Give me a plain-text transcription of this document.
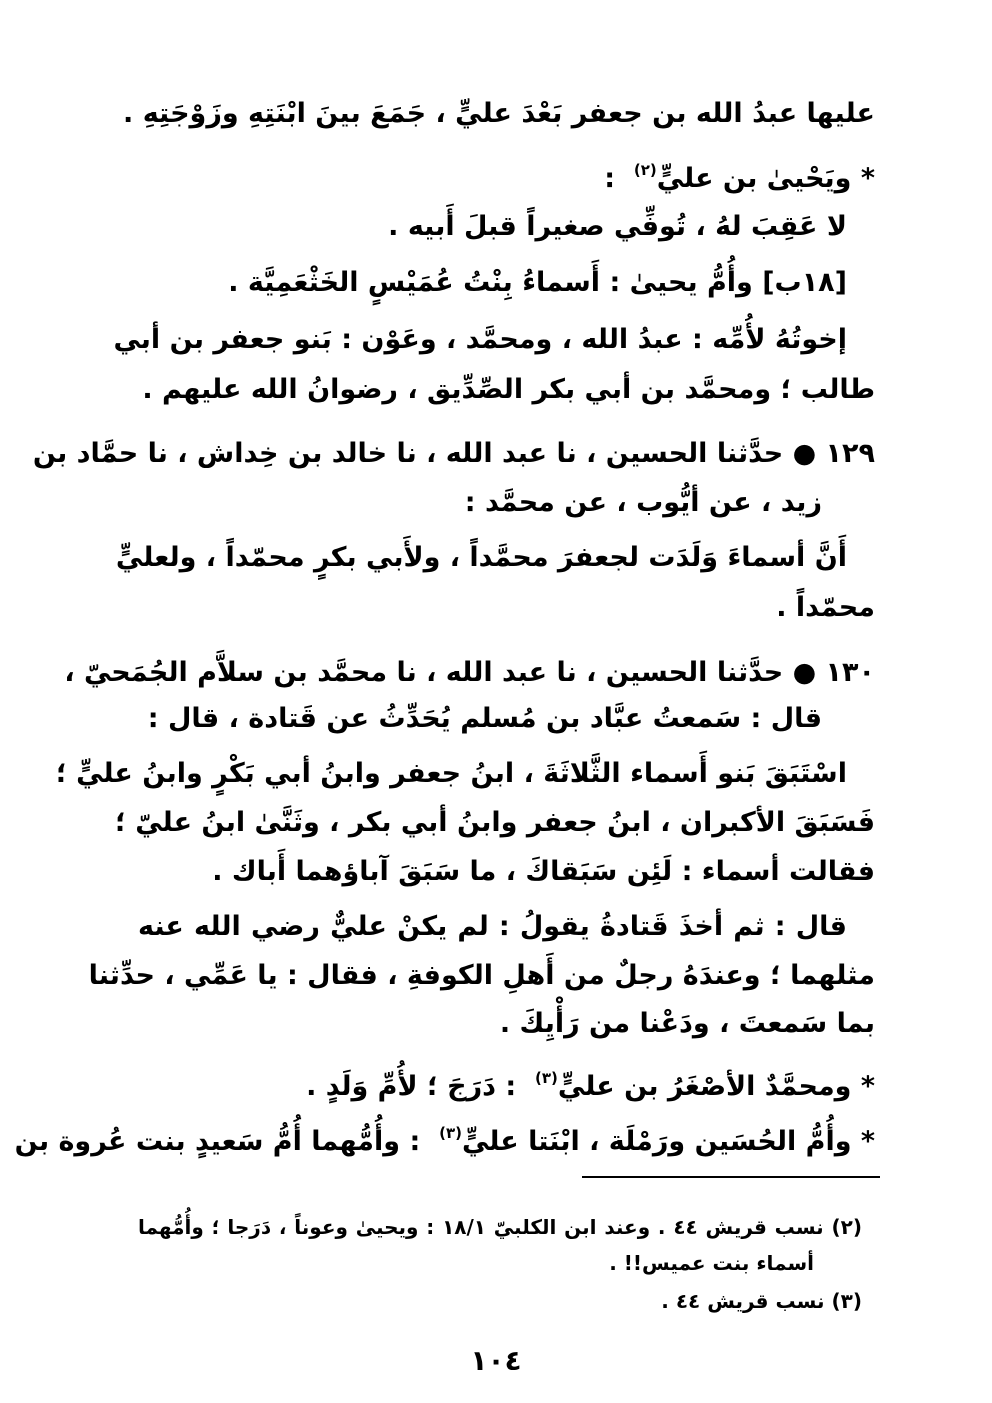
عليها عبدُ الله بن جعفر بَعْدَ عليٍّ ، جَمَعَ بينَ ابْنَتِهِ وزَوْجَتِهِ .
* ويَحْيىٰ بن عليٍّ$^{(٢)}$  :
لا عَقِبَ لهُ ، تُوفِّي صغيراً قبلَ أَبيه .
[١٨ب] وأُمُّ يحيىٰ : أَسماءُ بِنْتُ عُمَيْسٍ الخَثْعَمِيَّة .
إخوتُهُ لأُمِّه : عبدُ الله ، ومحمَّد ، وعَوْن : بَنو جعفر بن أبي
طالب ؛ ومحمَّد بن أبي بكر الصِّدِّيق ، رضوانُ الله عليهم .
١٢٩ ● حدَّثنا الحسين ، نا عبد الله ، نا خالد بن خِداش ، نا حمَّاد بن
زيد ، عن أيُّوب ، عن محمَّد :
أَنَّ أسماءَ وَلَدَت لجعفرَ محمَّداً ، ولأَبي بكرٍ محمّداً ، ولعليٍّ
محمّداً .
١٣٠ ● حدَّثنا الحسين ، نا عبد الله ، نا محمَّد بن سلاَّم الجُمَحيّ ،
قال : سَمعتُ عبَّاد بن مُسلم يُحَدِّثُ عن قَتادة ، قال :
اسْتَبَقَ بَنو أَسماء الثَّلاثَةَ ، ابنُ جعفر وابنُ أبي بَكْرٍ وابنُ عليٍّ ؛
فَسَبَقَ الأكبران ، ابنُ جعفر وابنُ أبي بكر ، وثَنَّىٰ ابنُ عليّ ؛
فقالت أسماء : لَئِن سَبَقاكَ ، ما سَبَقَ آباؤهما أَباك .
قال : ثم أخذَ قَتادةُ يقولُ : لم يكنْ عليٌّ رضي الله عنه
مثلهما ؛ وعندَهُ رجلٌ من أَهلِ الكوفةِ ، فقال : يا عَمِّي ، حدِّثنا
بما سَمعتَ ، ودَعْنا من رَأْيِكَ .
* ومحمَّدٌ الأصْغَرُ بن عليٍّ$^{(٣)}$  : دَرَجَ ؛ لأُمِّ وَلَدٍ .
* وأُمُّ الحُسَين ورَمْلَة ، ابْنَتا عليٍّ$^{(٣)}$  : وأُمُّهما أُمُّ سَعيدٍ بنت عُروة بن
(٢) نسب قريش ٤٤ . وعند ابن الكلبيّ ١٨/١ : ويحيىٰ وعوناً ، دَرَجا ؛ وأُمُّهما
أسماء بنت عميس!! .
(٣) نسب قريش ٤٤ .
١٠٤
